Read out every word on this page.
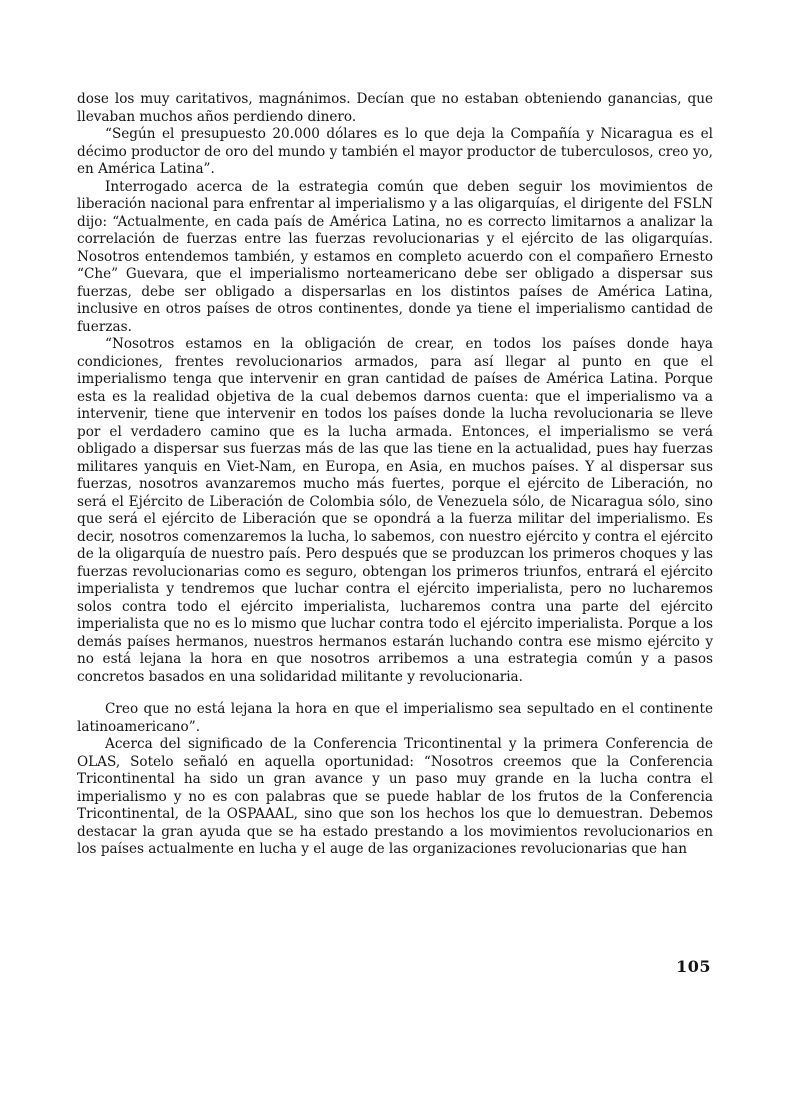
dose los muy caritativos, magnánimos. Decían que no estaban obteniendo ganancias, que llevaban muchos años perdiendo dinero.

“Según el presupuesto 20.000 dólares es lo que deja la Compañía y Nicaragua es el décimo productor de oro del mundo y también el mayor productor de tuberculosos, creo yo, en América Latina”.

Interrogado acerca de la estrategia común que deben seguir los movimientos de liberación nacional para enfrentar al imperialismo y a las oligarquías, el dirigente del FSLN dijo: “Actualmente, en cada país de América Latina, no es correcto limitarnos a analizar la correlación de fuerzas entre las fuerzas revolucionarias y el ejército de las oligarquías. Nosotros entendemos también, y estamos en completo acuerdo con el compañero Ernesto “Che” Guevara, que el imperialismo norteamericano debe ser obligado a dispersar sus fuerzas, debe ser obligado a dispersarlas en los distintos países de América Latina, inclusive en otros países de otros continentes, donde ya tiene el imperialismo cantidad de fuerzas.

“Nosotros estamos en la obligación de crear, en todos los países donde haya condiciones, frentes revolucionarios armados, para así llegar al punto en que el imperialismo tenga que intervenir en gran cantidad de países de América Latina. Porque esta es la realidad objetiva de la cual debemos darnos cuenta: que el imperialismo va a intervenir, tiene que intervenir en todos los países donde la lucha revolucionaria se lleve por el verdadero camino que es la lucha armada. Entonces, el imperialismo se verá obligado a dispersar sus fuerzas más de las que las tiene en la actualidad, pues hay fuerzas militares yanquis en Viet-Nam, en Europa, en Asia, en muchos países. Y al dispersar sus fuerzas, nosotros avanzaremos mucho más fuertes, porque el ejército de Liberación, no será el Ejército de Liberación de Colombia sólo, de Venezuela sólo, de Nicaragua sólo, sino que será el ejército de Liberación que se opondrá a la fuerza militar del imperialismo. Es decir, nosotros comenzaremos la lucha, lo sabemos, con nuestro ejército y contra el ejército de la oligarquía de nuestro país. Pero después que se produzcan los primeros choques y las fuerzas revolucionarias como es seguro, obtengan los primeros triunfos, entrará el ejército imperialista y tendremos que luchar contra el ejército imperialista, pero no lucharemos solos contra todo el ejército imperialista, lucharemos contra una parte del ejército imperialista que no es lo mismo que luchar contra todo el ejército imperialista. Porque a los demás países hermanos, nuestros hermanos estarán luchando contra ese mismo ejército y no está lejana la hora en que nosotros arribemos a una estrategia común y a pasos concretos basados en una solidaridad militante y revolucionaria.

Creo que no está lejana la hora en que el imperialismo sea sepultado en el continente latinoamericano”.

Acerca del significado de la Conferencia Tricontinental y la primera Conferencia de OLAS, Sotelo señaló en aquella oportunidad: “Nosotros creemos que la Conferencia Tricontinental ha sido un gran avance y un paso muy grande en la lucha contra el imperialismo y no es con palabras que se puede hablar de los frutos de la Conferencia Tricontinental, de la OSPAAAL, sino que son los hechos los que lo demuestran. Debemos destacar la gran ayuda que se ha estado prestando a los movimientos revolucionarios en los países actualmente en lucha y el auge de las organizaciones revolucionarias que han

105
